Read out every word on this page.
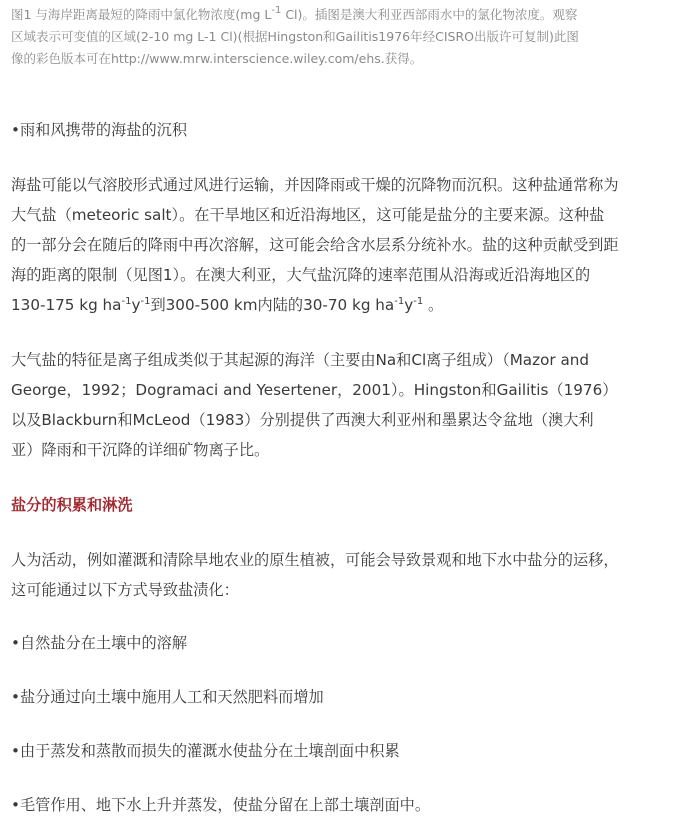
图1 与海岸距离最短的降雨中氯化物浓度(mg $L^{-1}$ Cl)。插图是澳大利亚西部雨水中的氯化物浓度。观察
区域表示可变值的区域(2-10 mg L-1 Cl)(根据Hingston和Gailitis1976年经CISRO出版许可复制)此图
像的彩色版本可在http://www.mrw.interscience.wiley.com/ehs.获得。
•雨和风携带的海盐的沉积
海盐可能以气溶胶形式通过风进行运输，并因降雨或干燥的沉降物而沉积。这种盐通常称为
大气盐（meteoric salt）。在干旱地区和近沿海地区，这可能是盐分的主要来源。这种盐
的一部分会在随后的降雨中再次溶解，这可能会给含水层系分统补水。盐的这种贡献受到距
海的距离的限制（见图1）。在澳大利亚，大气盐沉降的速率范围从沿海或近沿海地区的
130-175 kg $ha^{-1}y^{-1}$到300-500 km内陆的30-70 kg $ha^{-1}y^{-1}$ 。
大气盐的特征是离子组成类似于其起源的海洋（主要由Na和Cl离子组成）（Mazor and
George，1992；Dogramaci and Yesertener，2001）。Hingston和Gailitis（1976）
以及Blackburn和McLeod（1983）分别提供了西澳大利亚州和墨累达令盆地（澳大利
亚）降雨和干沉降的详细矿物离子比。
盐分的积累和淋洗
人为活动，例如灌溉和清除旱地农业的原生植被，可能会导致景观和地下水中盐分的运移，
这可能通过以下方式导致盐渍化：
•自然盐分在土壤中的溶解
•盐分通过向土壤中施用人工和天然肥料而增加
•由于蒸发和蒸散而损失的灌溉水使盐分在土壤剖面中积累
•毛管作用、地下水上升并蒸发，使盐分留在上部土壤剖面中。
